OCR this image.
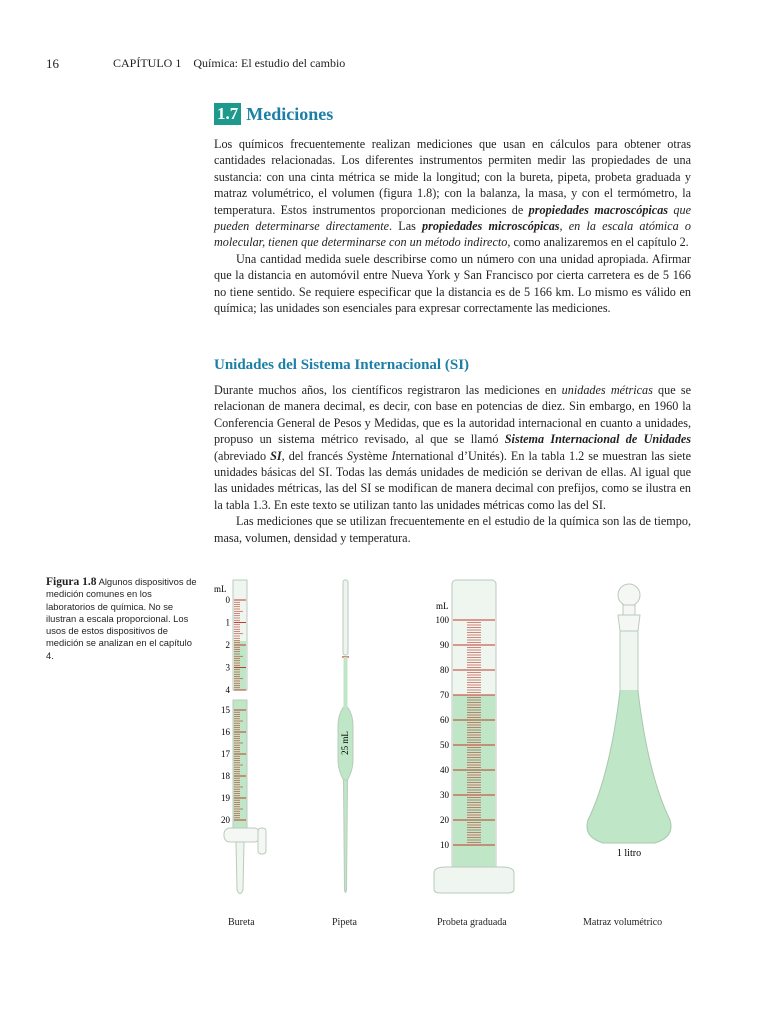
16	CAPÍTULO 1    Química: El estudio del cambio
1.7 Mediciones

Los químicos frecuentemente realizan mediciones que usan en cálculos para obtener otras cantidades relacionadas. Los diferentes instrumentos permiten medir las propiedades de una sustancia: con una cinta métrica se mide la longitud; con la bureta, pipeta, probeta graduada y matraz volumétrico, el volumen (figura 1.8); con la balanza, la masa, y con el termómetro, la temperatura. Estos instrumentos proporcionan mediciones de propiedades macroscópicas que pueden determinarse directamente. Las propiedades microscópicas, en la escala atómica o molecular, tienen que determinarse con un método indirecto, como analizaremos en el capítulo 2.

Una cantidad medida suele describirse como un número con una unidad apropiada. Afirmar que la distancia en automóvil entre Nueva York y San Francisco por cierta carretera es de 5 166 no tiene sentido. Se requiere especificar que la distancia es de 5 166 km. Lo mismo es válido en química; las unidades son esenciales para expresar correctamente las mediciones.

Unidades del Sistema Internacional (SI)

Durante muchos años, los científicos registraron las mediciones en unidades métricas que se relacionan de manera decimal, es decir, con base en potencias de diez. Sin embargo, en 1960 la Conferencia General de Pesos y Medidas, que es la autoridad internacional en cuanto a unidades, propuso un sistema métrico revisado, al que se llamó Sistema Internacional de Unidades (abreviado SI, del francés Système International d’Unités). En la tabla 1.2 se muestran las siete unidades básicas del SI. Todas las demás unidades de medición se derivan de ellas. Al igual que las unidades métricas, las del SI se modifican de manera decimal con prefijos, como se ilustra en la tabla 1.3. En este texto se utilizan tanto las unidades métricas como las del SI.

Las mediciones que se utilizan frecuentemente en el estudio de la química son las de tiempo, masa, volumen, densidad y temperatura.

Figura 1.8 Algunos dispositivos de medición comunes en los laboratorios de química. No se ilustran a escala proporcional. Los usos de estos dispositivos de medición se analizan en el capítulo 4.
mL
0
1
2
3
4
15
16
17
18
19
20
25 mL
mL
100
90
80
70
60
50
40
30
20
10
1 litro
Bureta	Pipeta	Probeta graduada	Matraz volumétrico
